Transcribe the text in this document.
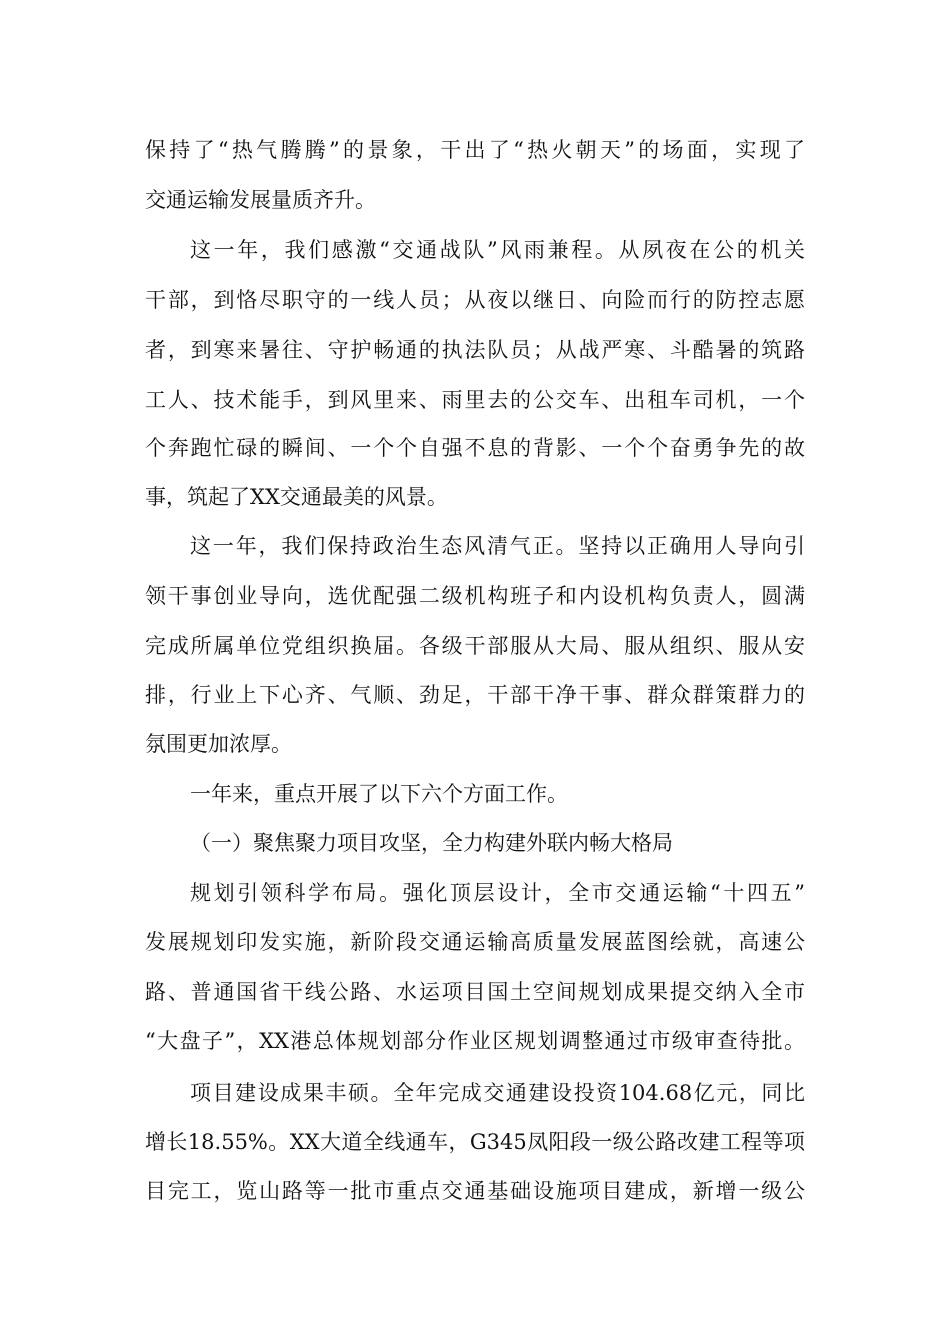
保持了“热气腾腾”的景象，干出了“热火朝天”的场面，实现了
交通运输发展量质齐升。
这一年，我们感激“交通战队”风雨兼程。从夙夜在公的机关
干部，到恪尽职守的一线人员；从夜以继日、向险而行的防控志愿
者，到寒来暑往、守护畅通的执法队员；从战严寒、斗酷暑的筑路
工人、技术能手，到风里来、雨里去的公交车、出租车司机，一个
个奔跑忙碌的瞬间、一个个自强不息的背影、一个个奋勇争先的故
事，筑起了XX交通最美的风景。
这一年，我们保持政治生态风清气正。坚持以正确用人导向引
领干事创业导向，选优配强二级机构班子和内设机构负责人，圆满
完成所属单位党组织换届。各级干部服从大局、服从组织、服从安
排，行业上下心齐、气顺、劲足，干部干净干事、群众群策群力的
氛围更加浓厚。
一年来，重点开展了以下六个方面工作。
（一）聚焦聚力项目攻坚，全力构建外联内畅大格局
规划引领科学布局。强化顶层设计，全市交通运输“十四五”
发展规划印发实施，新阶段交通运输高质量发展蓝图绘就，高速公
路、普通国省干线公路、水运项目国土空间规划成果提交纳入全市
“大盘子”，XX港总体规划部分作业区规划调整通过市级审查待批。
项目建设成果丰硕。全年完成交通建设投资104.68亿元，同比
增长18.55%。XX大道全线通车，G345凤阳段一级公路改建工程等项
目完工，览山路等一批市重点交通基础设施项目建成，新增一级公
